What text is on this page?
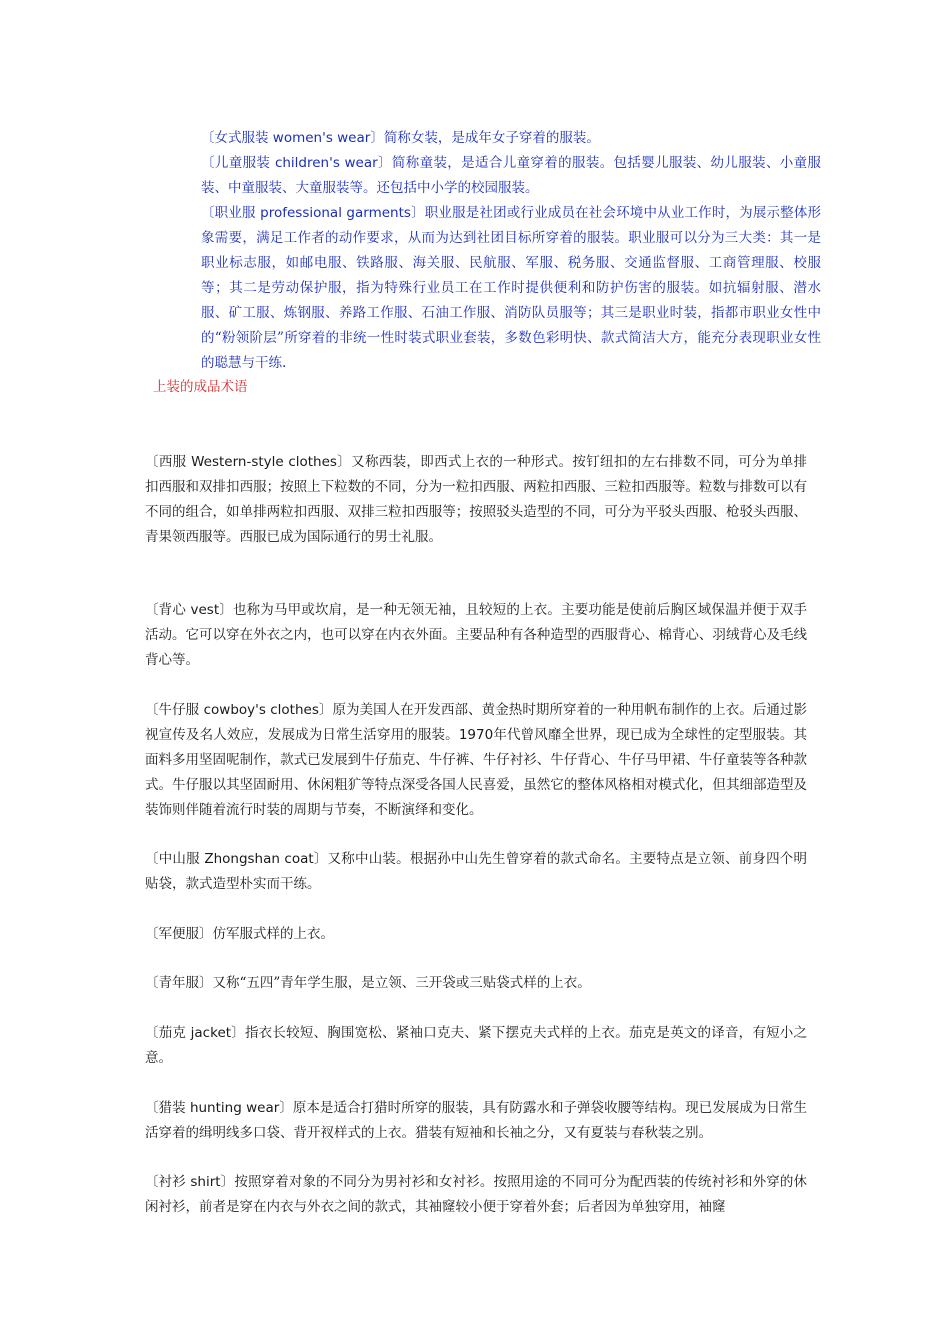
〔女式服装 women's wear〕简称女装，是成年女子穿着的服装。

〔儿童服装 children's wear〕简称童装，是适合儿童穿着的服装。包括婴儿服装、幼儿服装、小童服装、中童服装、大童服装等。还包括中小学的校园服装。

〔职业服 professional garments〕职业服是社团或行业成员在社会环境中从业工作时，为展示整体形象需要，满足工作者的动作要求，从而为达到社团目标所穿着的服装。职业服可以分为三大类：其一是职业标志服，如邮电服、铁路服、海关服、民航服、军服、税务服、交通监督服、工商管理服、校服等；其二是劳动保护服，指为特殊行业员工在工作时提供便利和防护伤害的服装。如抗辐射服、潜水服、矿工服、炼钢服、养路工作服、石油工作服、消防队员服等；其三是职业时装，指都市职业女性中的“粉领阶层”所穿着的非统一性时装式职业套装，多数色彩明快、款式简洁大方，能充分表现职业女性的聪慧与干练.

上装的成品术语

〔西服 Western-style clothes〕又称西装，即西式上衣的一种形式。按钉纽扣的左右排数不同，可分为单排扣西服和双排扣西服；按照上下粒数的不同，分为一粒扣西服、两粒扣西服、三粒扣西服等。粒数与排数可以有不同的组合，如单排两粒扣西服、双排三粒扣西服等；按照驳头造型的不同，可分为平驳头西服、枪驳头西服、青果领西服等。西服已成为国际通行的男士礼服。

〔背心 vest〕也称为马甲或坎肩，是一种无领无袖，且较短的上衣。主要功能是使前后胸区域保温并便于双手活动。它可以穿在外衣之内，也可以穿在内衣外面。主要品种有各种造型的西服背心、棉背心、羽绒背心及毛线背心等。

〔牛仔服 cowboy's clothes〕原为美国人在开发西部、黄金热时期所穿着的一种用帆布制作的上衣。后通过影视宣传及名人效应，发展成为日常生活穿用的服装。1970年代曾风靡全世界，现已成为全球性的定型服装。其面料多用坚固呢制作，款式已发展到牛仔茄克、牛仔裤、牛仔衬衫、牛仔背心、牛仔马甲裙、牛仔童装等各种款式。牛仔服以其坚固耐用、休闲粗犷等特点深受各国人民喜爱，虽然它的整体风格相对模式化，但其细部造型及装饰则伴随着流行时装的周期与节奏，不断演绎和变化。

〔中山服 Zhongshan coat〕又称中山装。根据孙中山先生曾穿着的款式命名。主要特点是立领、前身四个明贴袋，款式造型朴实而干练。

〔军便服〕仿军服式样的上衣。

〔青年服〕又称“五四”青年学生服，是立领、三开袋或三贴袋式样的上衣。

〔茄克 jacket〕指衣长较短、胸围宽松、紧袖口克夫、紧下摆克夫式样的上衣。茄克是英文的译音，有短小之意。

〔猎装 hunting wear〕原本是适合打猎时所穿的服装，具有防露水和子弹袋收腰等结构。现已发展成为日常生活穿着的缉明线多口袋、背开衩样式的上衣。猎装有短袖和长袖之分，又有夏装与春秋装之别。

〔衬衫 shirt〕按照穿着对象的不同分为男衬衫和女衬衫。按照用途的不同可分为配西装的传统衬衫和外穿的休闲衬衫，前者是穿在内衣与外衣之间的款式，其袖窿较小便于穿着外套；后者因为单独穿用，袖窿
